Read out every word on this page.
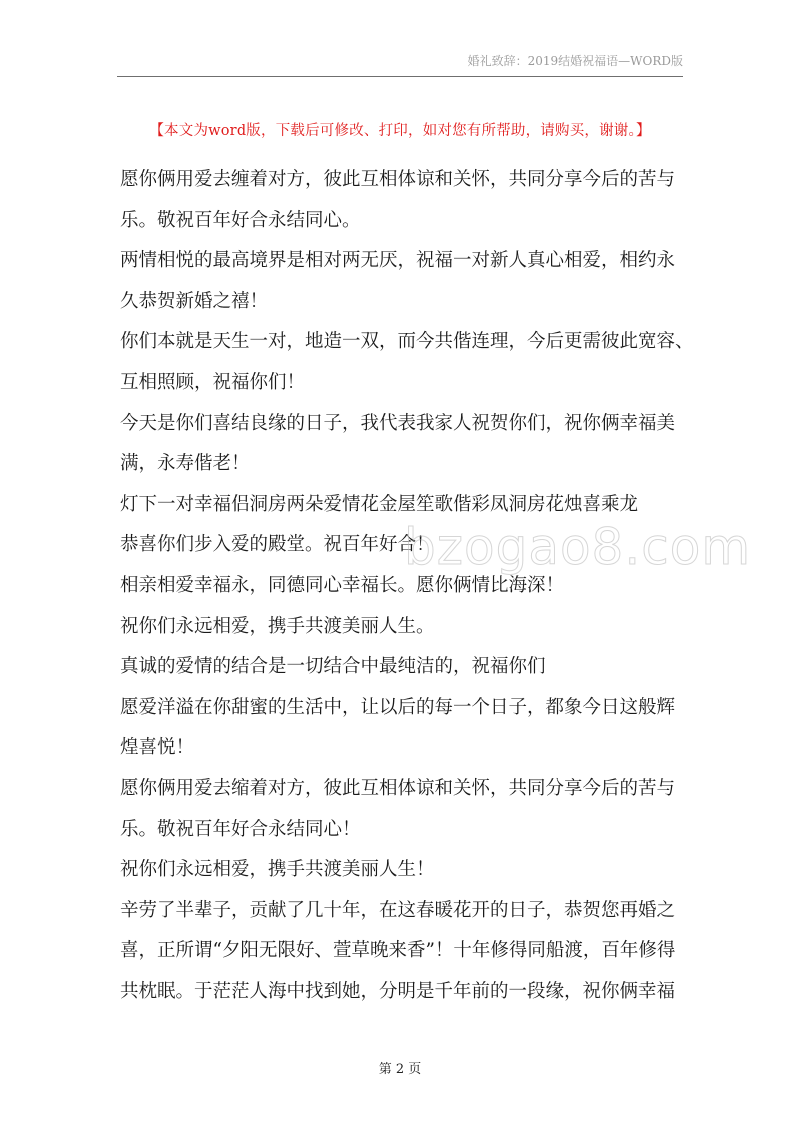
婚礼致辞：2019结婚祝福语—WORD版
【本文为word版，下载后可修改、打印，如对您有所帮助，请购买，谢谢。】

愿你俩用爱去缠着对方，彼此互相体谅和关怀，共同分享今后的苦与

乐。敬祝百年好合永结同心。

两情相悦的最高境界是相对两无厌，祝福一对新人真心相爱，相约永

久恭贺新婚之禧！

你们本就是天生一对，地造一双，而今共偕连理，今后更需彼此宽容、

互相照顾，祝福你们！

今天是你们喜结良缘的日子，我代表我家人祝贺你们，祝你俩幸福美

满，永寿偕老！

灯下一对幸福侣洞房两朵爱情花金屋笙歌偕彩凤洞房花烛喜乘龙

恭喜你们步入爱的殿堂。祝百年好合！

相亲相爱幸福永，同德同心幸福长。愿你俩情比海深！

祝你们永远相爱，携手共渡美丽人生。

真诚的爱情的结合是一切结合中最纯洁的，祝福你们

愿爱洋溢在你甜蜜的生活中，让以后的每一个日子，都象今日这般辉

煌喜悦！

愿你俩用爱去缩着对方，彼此互相体谅和关怀，共同分享今后的苦与

乐。敬祝百年好合永结同心！

祝你们永远相爱，携手共渡美丽人生！

辛劳了半辈子，贡献了几十年，在这春暖花开的日子，恭贺您再婚之

喜，正所谓“夕阳无限好、萱草晚来香”！十年修得同船渡，百年修得

共枕眠。于茫茫人海中找到她，分明是千年前的一段缘，祝你俩幸福

bzogao8.com
第 2 页
